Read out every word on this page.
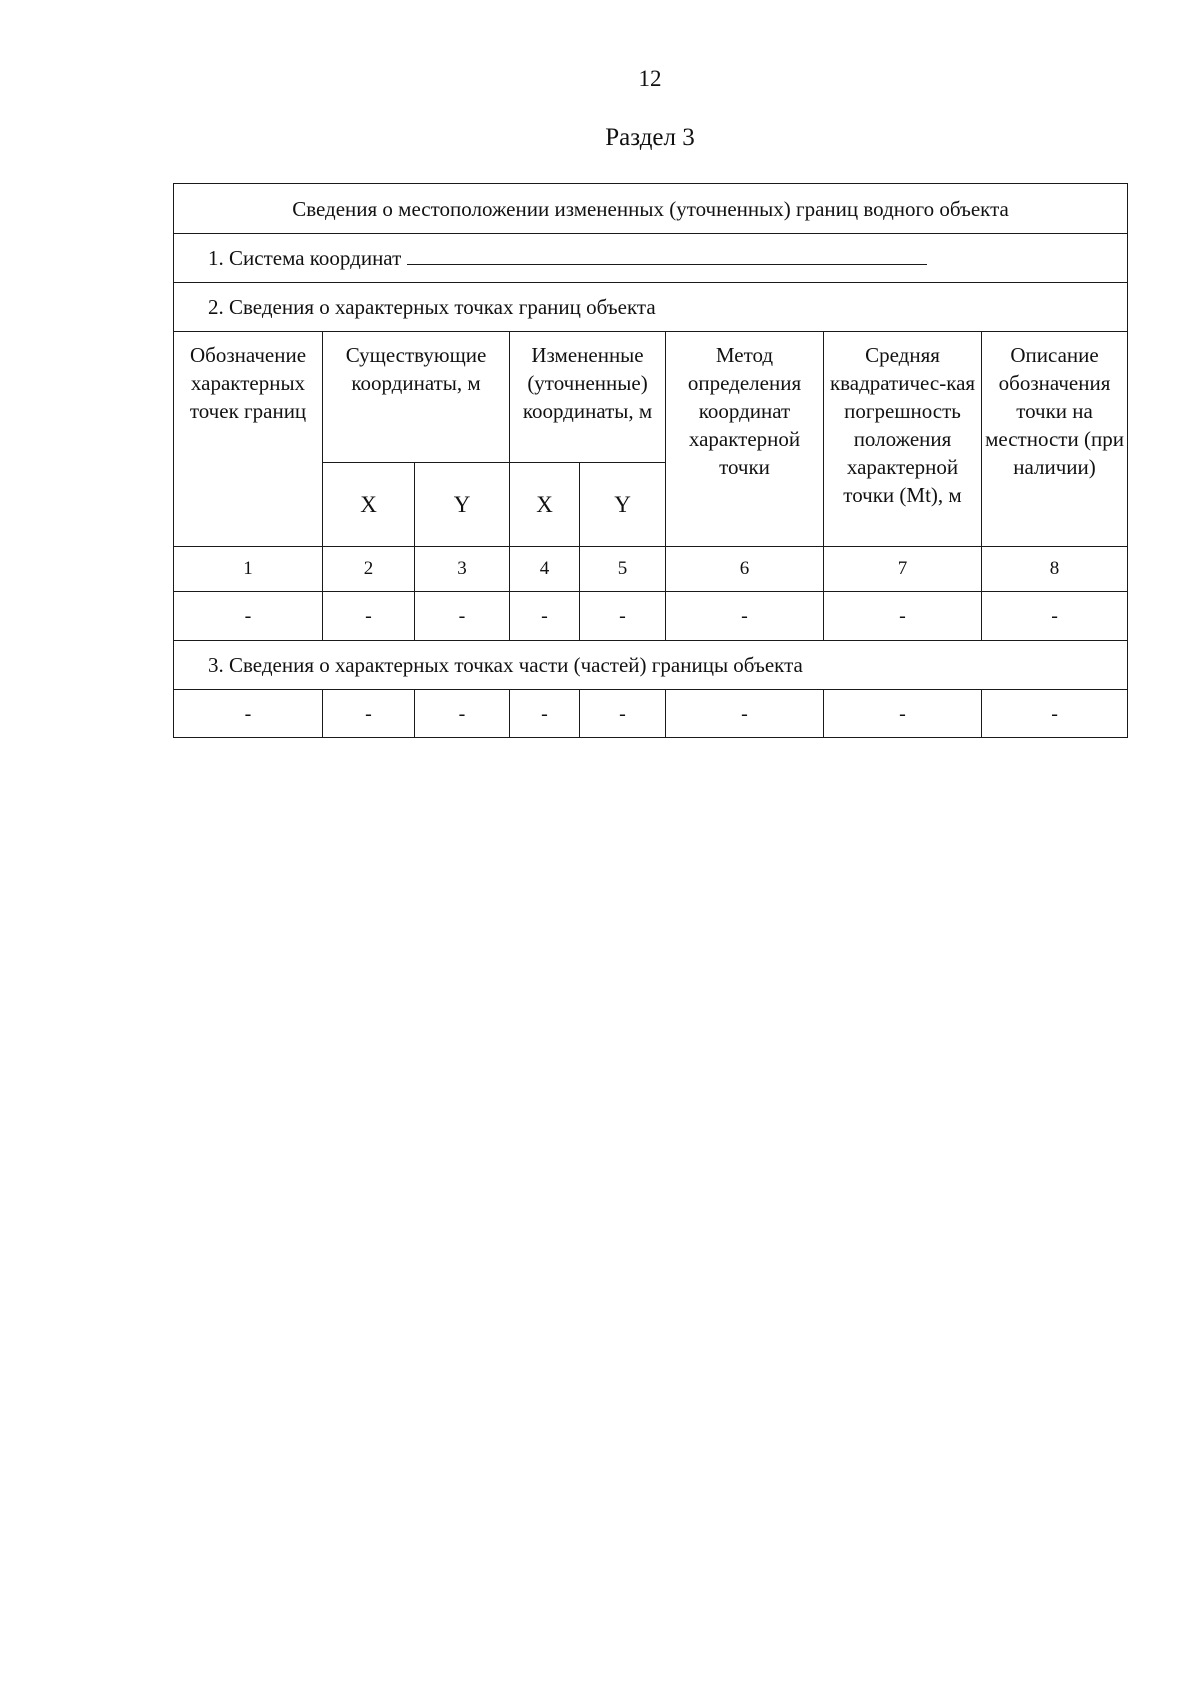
12
Раздел 3
Сведения о местоположении измененных (уточненных) границ водного объекта							
1. Система координат							
2. Сведения о характерных точках границ объекта							

Обозначение характерных точек границ	Существующие координаты, м		Измененные (уточненные) координаты, м		Метод определения координат характерной точки	Средняя квадратичес-кая погрешность положения характерной точки (Mt), м	Описание обозначения точки на местности (при наличии)

	X	Y	X	Y			
1	2	3	4	5	6	7	8
-	-	-	-	-	-	-	-
3. Сведения о характерных точках части (частей) границы объекта							
-	-	-	-	-	-	-	-
